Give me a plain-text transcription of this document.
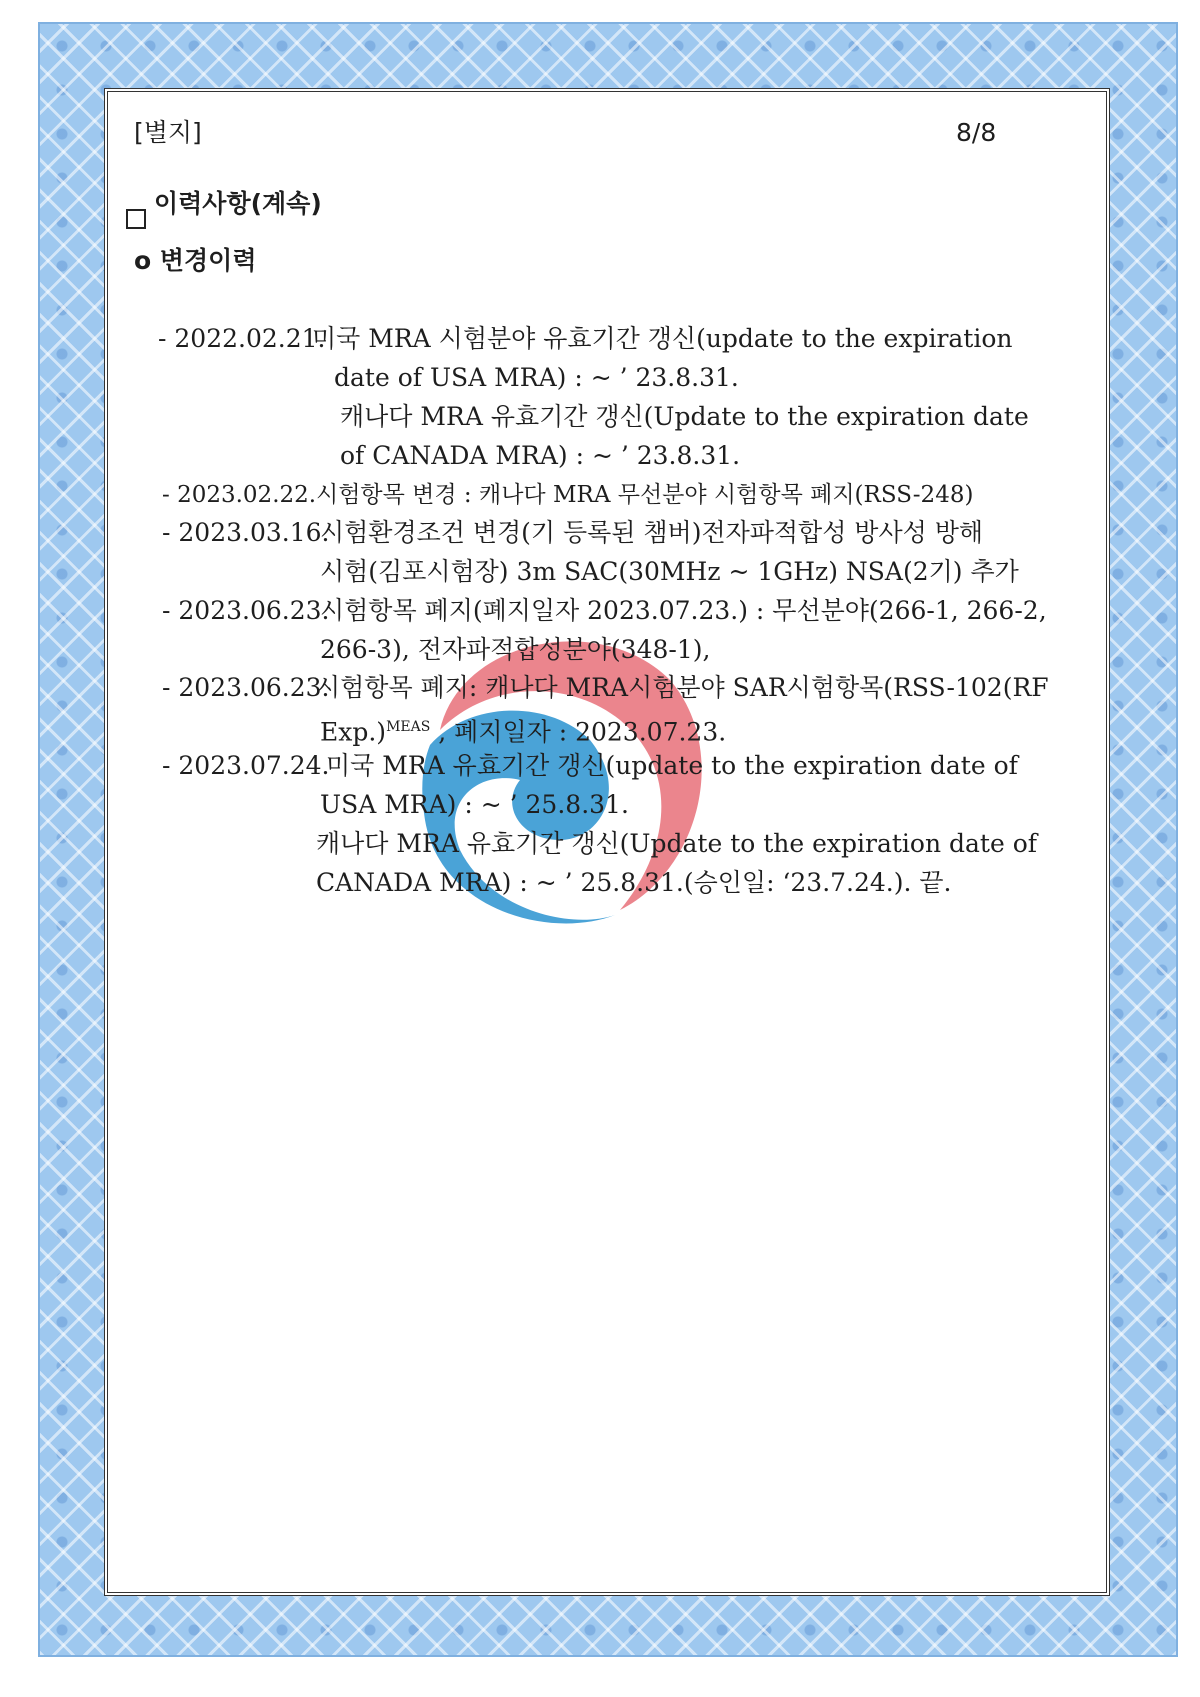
[별지]	8/8
이력사항(계속)
o 변경이력
- 2022.02.21.
미국 MRA 시험분야 유효기간 갱신(update to the expiration
date of USA MRA) : ~ ’ 23.8.31.
캐나다 MRA 유효기간 갱신(Update to the expiration date
of CANADA MRA) : ~ ’ 23.8.31.
- 2023.02.22. 시험항목 변경 : 캐나다 MRA 무선분야 시험항목 폐지(RSS-248)
- 2023.03.16.
시험환경조건 변경(기 등록된 챔버)전자파적합성 방사성 방해
시험(김포시험장) 3m SAC(30MHz ~ 1GHz) NSA(2기) 추가
- 2023.06.23.
시험항목 폐지(폐지일자 2023.07.23.) : 무선분야(266-1, 266-2,
266-3), 전자파적합성분야(348-1),
- 2023.06.23.
시험항목 폐지: 캐나다 MRA시험분야 SAR시험항목(RSS-102(RF
Exp.)$^{MEAS}$ , 폐지일자 : 2023.07.23.
- 2023.07.24.
미국 MRA 유효기간 갱신(update to the expiration date of
USA MRA) : ~ ’ 25.8.31.
캐나다 MRA 유효기간 갱신(Update to the expiration date of
CANADA MRA) : ~ ’ 25.8.31.(승인일: ‘23.7.24.). 끝.
